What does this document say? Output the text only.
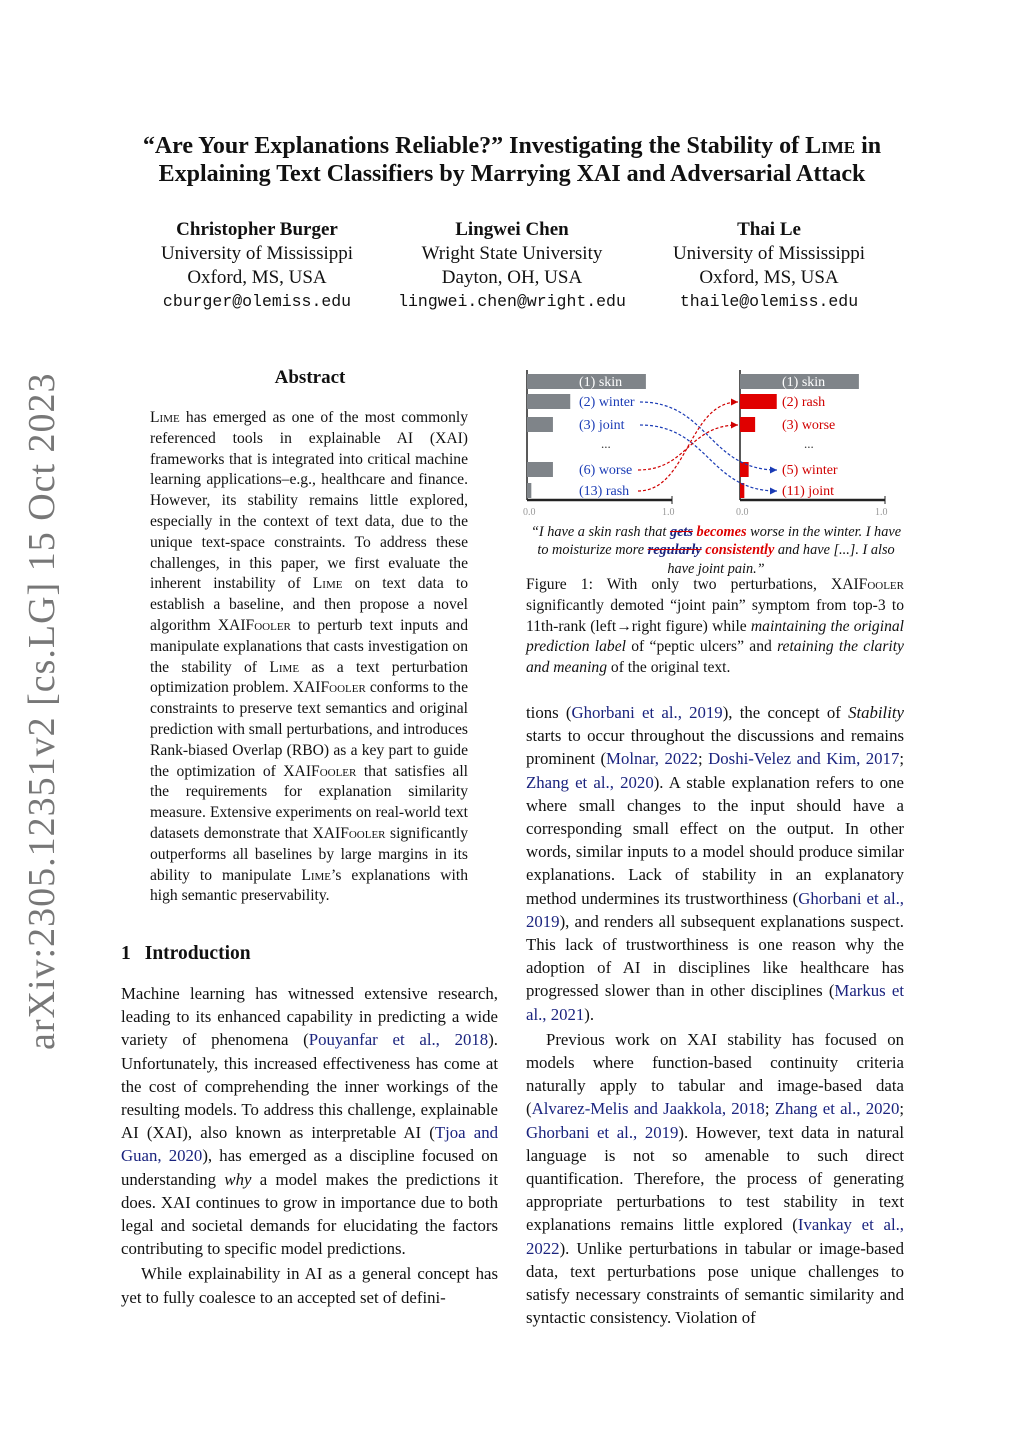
arXiv:2305.12351v2 [cs.LG] 15 Oct 2023
“Are Your Explanations Reliable?” Investigating the Stability of Lime in
Explaining Text Classifiers by Marrying XAI and Adversarial Attack
Christopher Burger
University of Mississippi
Oxford, MS, USA
cburger@olemiss.edu
Lingwei Chen
Wright State University
Dayton, OH, USA
lingwei.chen@wright.edu
Thai Le
University of Mississippi
Oxford, MS, USA
thaile@olemiss.edu
Abstract
Lime has emerged as one of the most commonly referenced tools in explainable AI (XAI) frameworks that is integrated into critical machine learning applications–e.g., healthcare and finance. However, its stability remains little explored, especially in the context of text data, due to the unique text-space constraints. To address these challenges, in this paper, we first evaluate the inherent instability of Lime on text data to establish a baseline, and then propose a novel algorithm XAIFooler to perturb text inputs and manipulate explanations that casts investigation on the stability of Lime as a text perturbation optimization problem. XAIFooler conforms to the constraints to preserve text semantics and original prediction with small perturbations, and introduces Rank-biased Overlap (RBO) as a key part to guide the optimization of XAIFooler that satisfies all the requirements for explanation similarity measure. Extensive experiments on real-world text datasets demonstrate that XAIFooler significantly outperforms all baselines by large margins in its ability to manipulate Lime’s explanations with high semantic preservability.
1 Introduction

Machine learning has witnessed extensive research, leading to its enhanced capability in predicting a wide variety of phenomena (Pouyanfar et al., 2018). Unfortunately, this increased effectiveness has come at the cost of comprehending the inner workings of the resulting models. To address this challenge, explainable AI (XAI), also known as interpretable AI (Tjoa and Guan, 2020), has emerged as a discipline focused on understanding why a model makes the predictions it does. XAI continues to grow in importance due to both legal and societal demands for elucidating the factors contributing to specific model predictions.

While explainability in AI as a general concept has yet to fully coalesce to an accepted set of defini-

0.0	1.0
(1) skin
(2) winter
(3) joint
(6) worse
(13) rash
...
0.0	1.0
(1) skin
(2) rash
(3) worse
(5) winter
(11) joint
...
“I have a skin rash that gets becomes worse in the winter. I have to moisturize more regularly consistently and have [...]. I also have joint pain.”
Figure 1: With only two perturbations, XAIFooler significantly demoted “joint pain” symptom from top-3 to 11th-rank (left→right figure) while maintaining the original prediction label of “peptic ulcers” and retaining the clarity and meaning of the original text.

tions (Ghorbani et al., 2019), the concept of Stability starts to occur throughout the discussions and remains prominent (Molnar, 2022; Doshi-Velez and Kim, 2017; Zhang et al., 2020). A stable explanation refers to one where small changes to the input should have a corresponding small effect on the output. In other words, similar inputs to a model should produce similar explanations. Lack of stability in an explanatory method undermines its trustworthiness (Ghorbani et al., 2019), and renders all subsequent explanations suspect. This lack of trustworthiness is one reason why the adoption of AI in disciplines like healthcare has progressed slower than in other disciplines (Markus et al., 2021).

Previous work on XAI stability has focused on models where function-based continuity criteria naturally apply to tabular and image-based data (Alvarez-Melis and Jaakkola, 2018; Zhang et al., 2020; Ghorbani et al., 2019). However, text data in natural language is not so amenable to such direct quantification. Therefore, the process of generating appropriate perturbations to test stability in text explanations remains little explored (Ivankay et al., 2022). Unlike perturbations in tabular or image-based data, text perturbations pose unique challenges to satisfy necessary constraints of semantic similarity and syntactic consistency. Violation of
